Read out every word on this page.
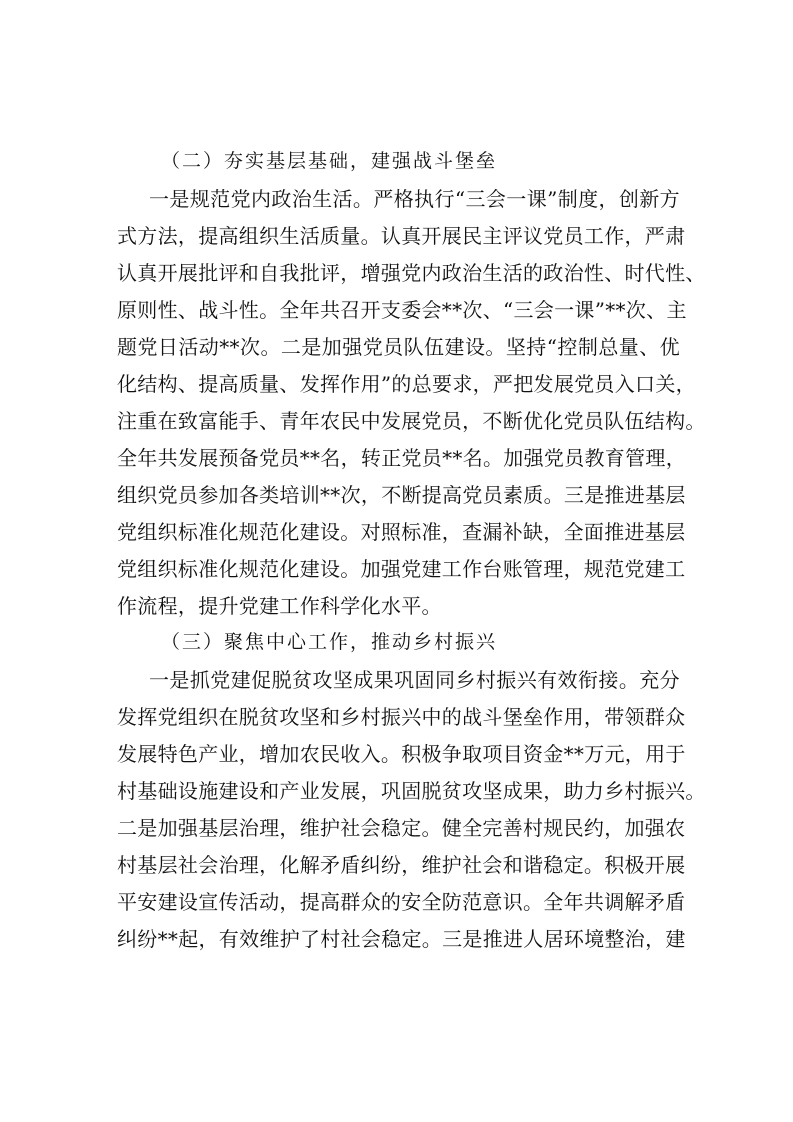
（二）夯实基层基础，建强战斗堡垒
一是规范党内政治生活。严格执行“三会一课”制度，创新方
式方法，提高组织生活质量。认真开展民主评议党员工作，严肃
认真开展批评和自我批评，增强党内政治生活的政治性、时代性、
原则性、战斗性。全年共召开支委会**次、“三会一课”**次、主
题党日活动**次。二是加强党员队伍建设。坚持“控制总量、优
化结构、提高质量、发挥作用”的总要求，严把发展党员入口关，
注重在致富能手、青年农民中发展党员，不断优化党员队伍结构。
全年共发展预备党员**名，转正党员**名。加强党员教育管理，
组织党员参加各类培训**次，不断提高党员素质。三是推进基层
党组织标准化规范化建设。对照标准，查漏补缺，全面推进基层
党组织标准化规范化建设。加强党建工作台账管理，规范党建工
作流程，提升党建工作科学化水平。
（三）聚焦中心工作，推动乡村振兴
一是抓党建促脱贫攻坚成果巩固同乡村振兴有效衔接。充分
发挥党组织在脱贫攻坚和乡村振兴中的战斗堡垒作用，带领群众
发展特色产业，增加农民收入。积极争取项目资金**万元，用于
村基础设施建设和产业发展，巩固脱贫攻坚成果，助力乡村振兴。
二是加强基层治理，维护社会稳定。健全完善村规民约，加强农
村基层社会治理，化解矛盾纠纷，维护社会和谐稳定。积极开展
平安建设宣传活动，提高群众的安全防范意识。全年共调解矛盾
纠纷**起，有效维护了村社会稳定。三是推进人居环境整治，建
